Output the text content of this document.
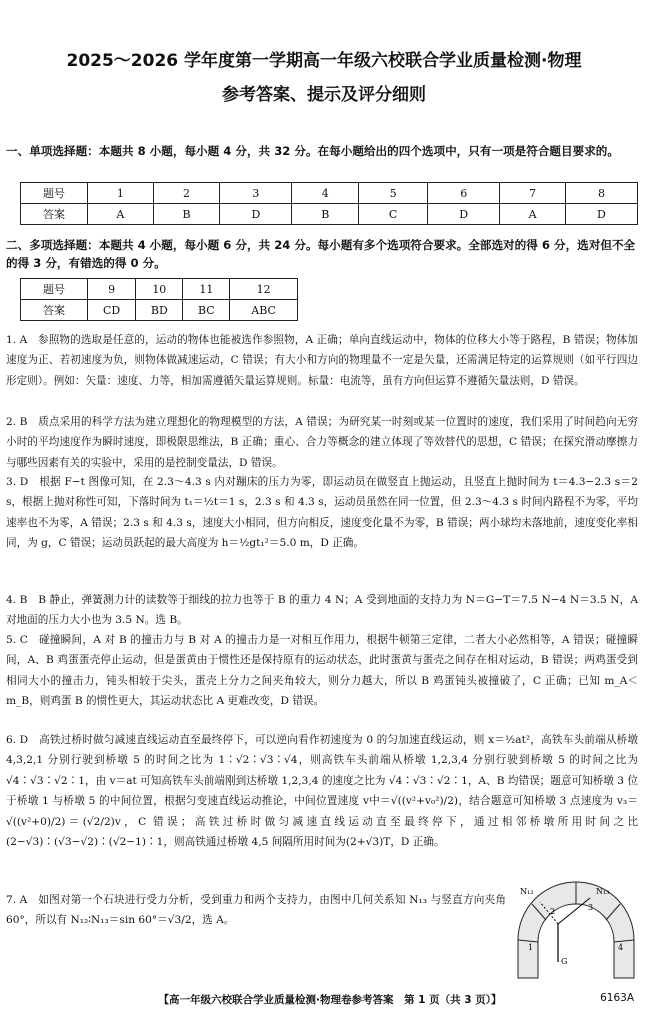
2025～2026 学年度第一学期高一年级六校联合学业质量检测·物理
参考答案、提示及评分细则
一、单项选择题：本题共 8 小题，每小题 4 分，共 32 分。在每小题给出的四个选项中，只有一项是符合题目要求的。
题号	1	2	3	4	5	6	7	8
答案	A	B	D	B	C	D	A	D
二、多项选择题：本题共 4 小题，每小题 6 分，共 24 分。每小题有多个选项符合要求。全部选对的得 6 分，选对但不全的得 3 分，有错选的得 0 分。
题号	9	10	11	12
答案	CD	BD	BC	ABC
1. A　参照物的选取是任意的，运动的物体也能被选作参照物，A 正确；单向直线运动中，物体的位移大小等于路程，B 错误；物体加速度为正、若初速度为负，则物体做减速运动，C 错误；有大小和方向的物理量不一定是矢量，还需满足特定的运算规则（如平行四边形定则）。例如：矢量：速度、力等，相加需遵循矢量运算规则。标量：电流等，虽有方向但运算不遵循矢量法则，D 错误。
2. B　质点采用的科学方法为建立理想化的物理模型的方法，A 错误；为研究某一时刻或某一位置时的速度，我们采用了时间趋向无穷小时的平均速度作为瞬时速度，即极限思维法，B 正确；重心、合力等概念的建立体现了等效替代的思想，C 错误；在探究滑动摩擦力与哪些因素有关的实验中，采用的是控制变量法，D 错误。
3. D　根据 F−t 图像可知，在 2.3～4.3 s 内对蹦床的压力为零，即运动员在做竖直上抛运动，且竖直上抛时间为 t＝4.3−2.3 s＝2 s，根据上抛对称性可知，下落时间为 t₁＝½t＝1 s，2.3 s 和 4.3 s，运动员虽然在同一位置，但 2.3～4.3 s 时间内路程不为零，平均速率也不为零，A 错误；2.3 s 和 4.3 s，速度大小相同，但方向相反，速度变化量不为零，B 错误；两小球均未落地前，速度变化率相同，为 g，C 错误；运动员跃起的最大高度为 h＝½gt₁²＝5.0 m，D 正确。
4. B　B 静止，弹簧测力计的读数等于细线的拉力也等于 B 的重力 4 N；A 受到地面的支持力为 N＝G−T＝7.5 N−4 N＝3.5 N，A 对地面的压力大小也为 3.5 N。选 B。
5. C　碰撞瞬间，A 对 B 的撞击力与 B 对 A 的撞击力是一对相互作用力，根据牛顿第三定律，二者大小必然相等，A 错误；碰撞瞬间，A、B 鸡蛋蛋壳停止运动，但是蛋黄由于惯性还是保持原有的运动状态，此时蛋黄与蛋壳之间存在相对运动，B 错误；两鸡蛋受到相同大小的撞击力，钝头相较于尖头，蛋壳上分力之间夹角较大，则分力越大，所以 B 鸡蛋钝头被撞破了，C 正确；已知 m_A＜m_B，则鸡蛋 B 的惯性更大，其运动状态比 A 更难改变，D 错误。
6. D　高铁过桥时做匀减速直线运动直至最终停下，可以逆向看作初速度为 0 的匀加速直线运动，则 x＝½at²，高铁车头前端从桥墩 4,3,2,1 分别行驶到桥墩 5 的时间之比为 1∶√2∶√3∶√4，则高铁车头前端从桥墩 1,2,3,4 分别行驶到桥墩 5 的时间之比为 √4∶√3∶√2∶1，由 v＝at 可知高铁车头前端刚到达桥墩 1,2,3,4 的速度之比为 √4∶√3∶√2∶1，A、B 均错误；题意可知桥墩 3 位于桥墩 1 与桥墩 5 的中间位置，根据匀变速直线运动推论，中间位置速度 v中＝√((v²+v₀²)/2)，结合题意可知桥墩 3 点速度为 v₃＝√((v²+0)/2)＝(√2/2)v，C 错误；高铁过桥时做匀减速直线运动直至最终停下，通过相邻桥墩所用时间之比(2−√3)∶(√3−√2)∶(√2−1)∶1，则高铁通过桥墩 4,5 间隔所用时间为(2+√3)T，D 正确。
7. A　如图对第一个石块进行受力分析，受到重力和两个支持力，由图中几何关系知 N₁₃ 与竖直方向夹角 60°，所以有 N₁₂∶N₁₃＝sin 60°＝√3/2，选 A。
N₁₂	N₁₃
G
1
2	3
4
【高一年级六校联合学业质量检测·物理卷参考答案　第 1 页（共 3 页）】	6163A
